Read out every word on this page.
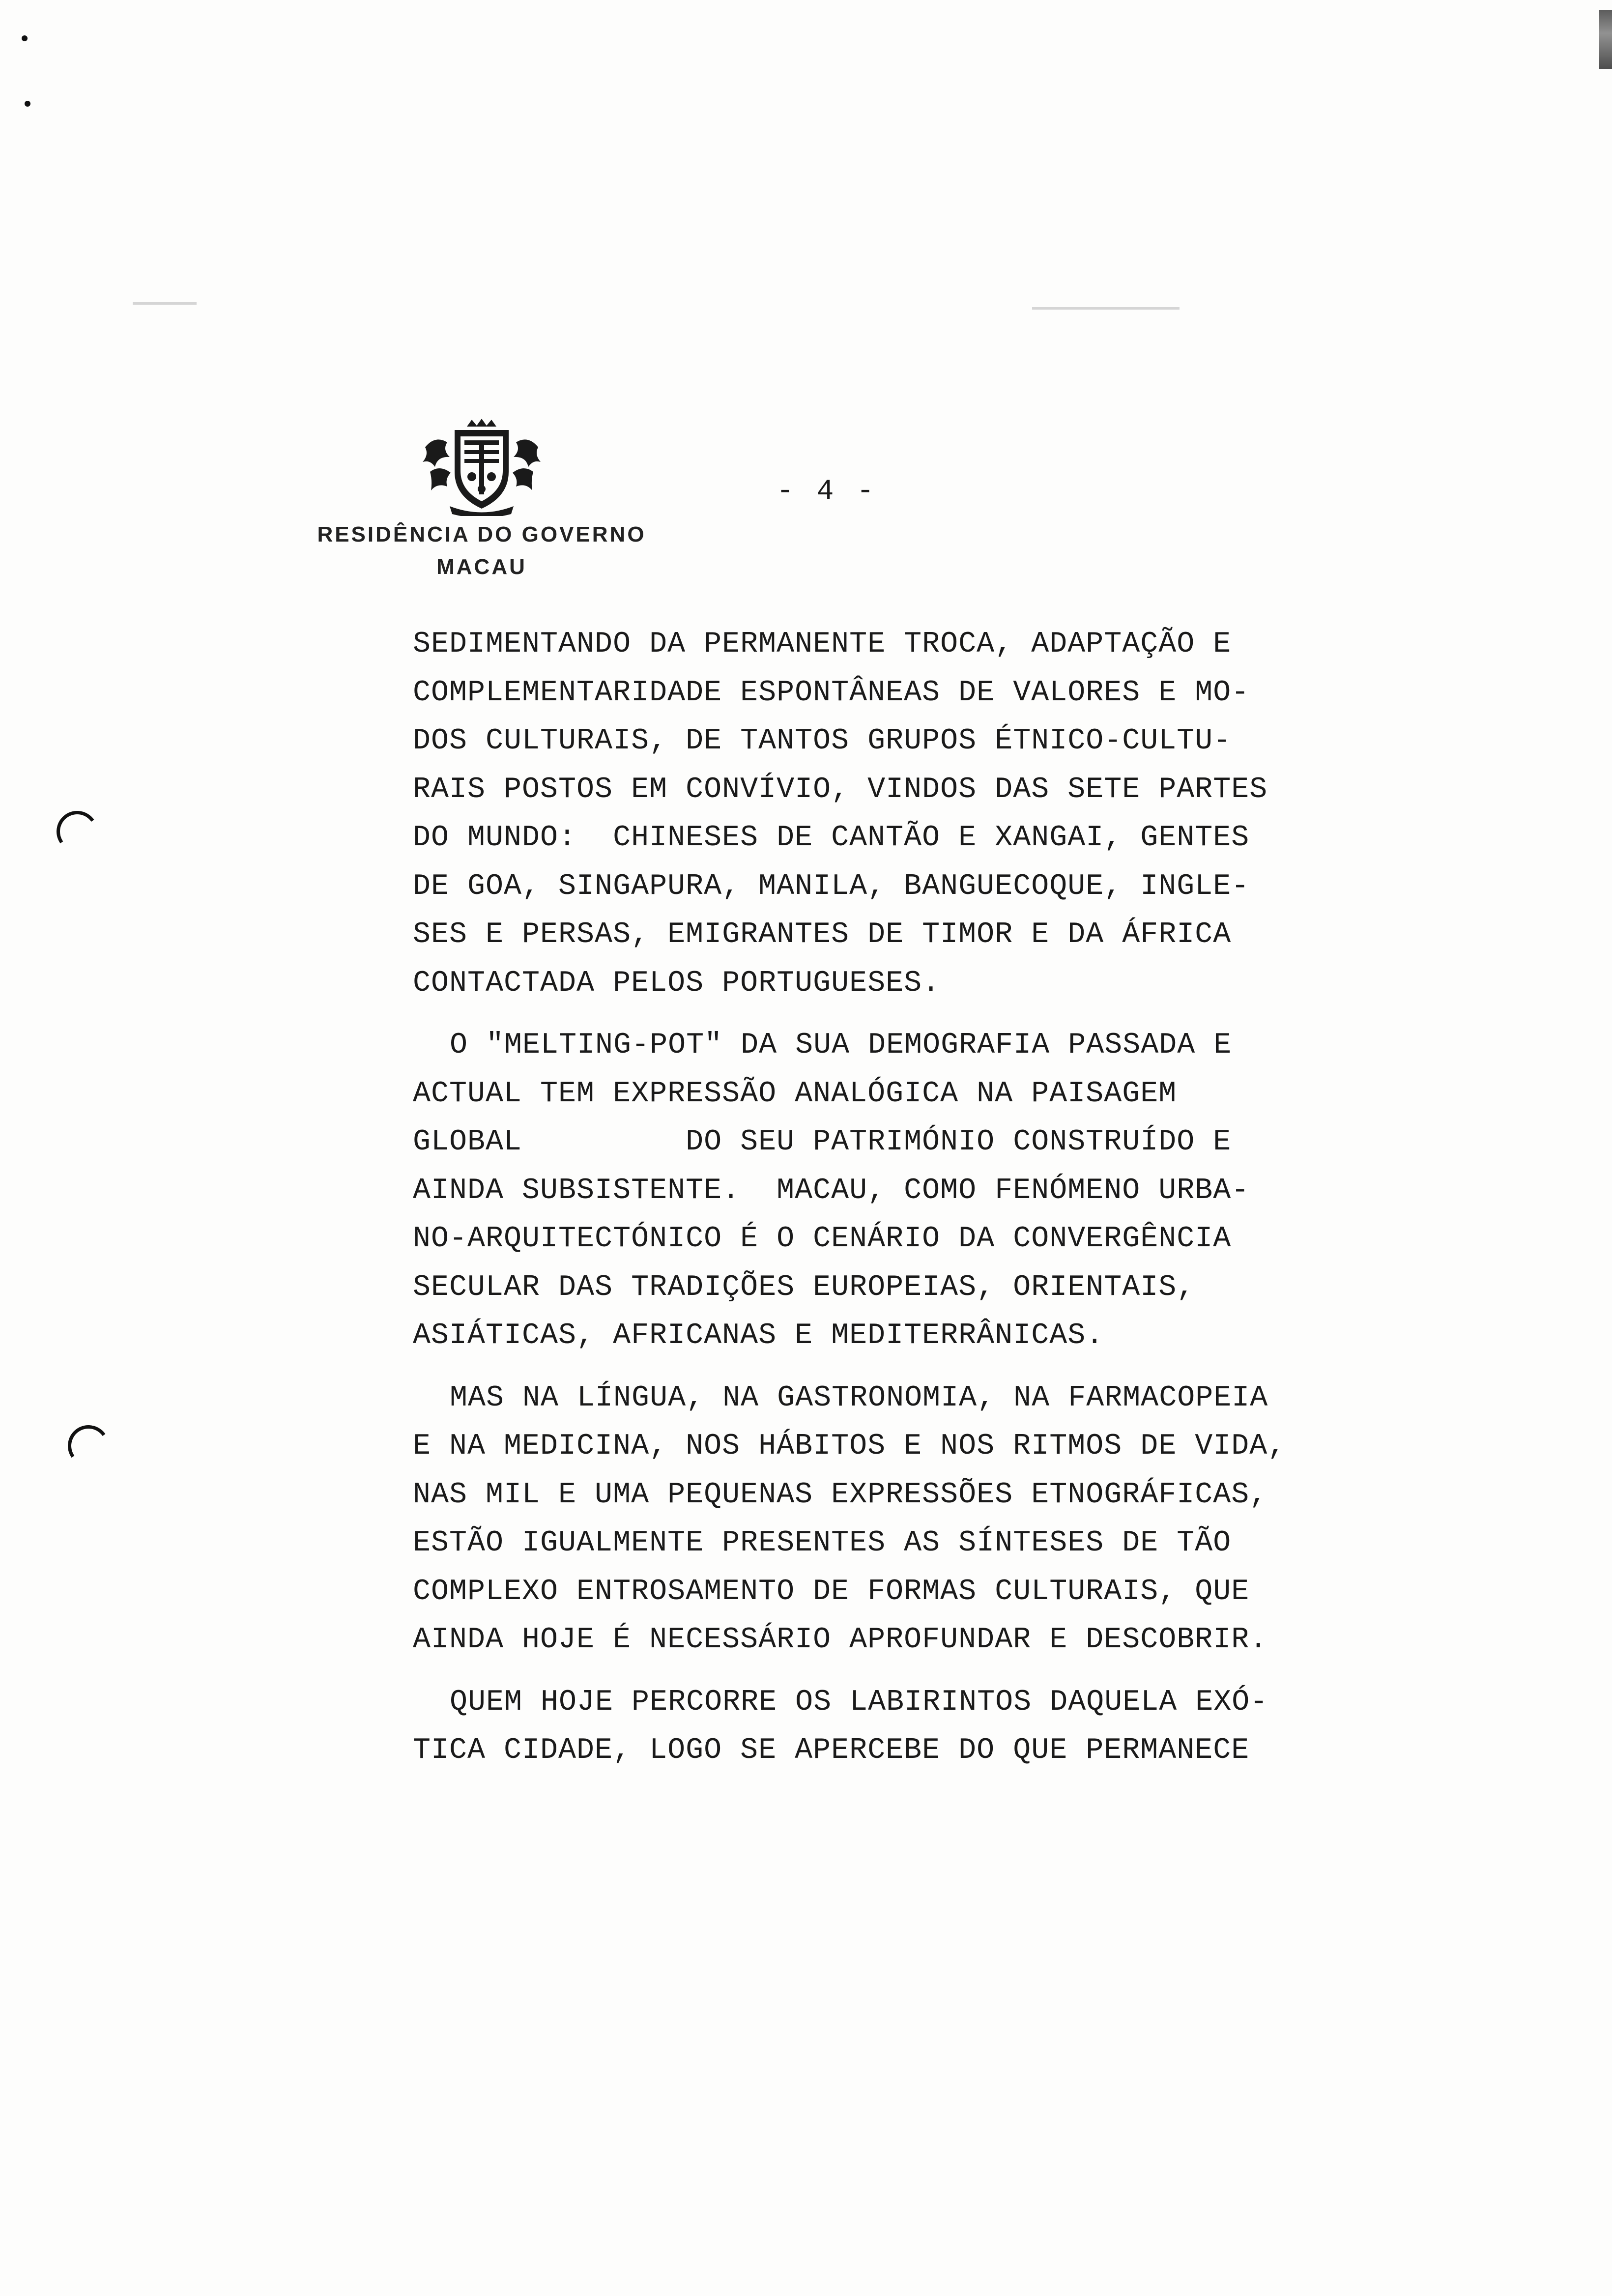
RESIDÊNCIA DO GOVERNO
MACAU
- 4 -
SEDIMENTANDO DA PERMANENTE TROCA, ADAPTAÇÃO E
COMPLEMENTARIDADE ESPONTÂNEAS DE VALORES E MO-
DOS CULTURAIS, DE TANTOS GRUPOS ÉTNICO-CULTU-
RAIS POSTOS EM CONVÍVIO, VINDOS DAS SETE PARTES
DO MUNDO:  CHINESES DE CANTÃO E XANGAI, GENTES
DE GOA, SINGAPURA, MANILA, BANGUECOQUE, INGLE-
SES E PERSAS, EMIGRANTES DE TIMOR E DA ÁFRICA
CONTACTADA PELOS PORTUGUESES.
O "MELTING-POT" DA SUA DEMOGRAFIA PASSADA E
ACTUAL TEM EXPRESSÃO ANALÓGICA NA PAISAGEM
GLOBAL         DO SEU PATRIMÓNIO CONSTRUÍDO E
AINDA SUBSISTENTE.  MACAU, COMO FENÓMENO URBA-
NO-ARQUITECTÓNICO É O CENÁRIO DA CONVERGÊNCIA
SECULAR DAS TRADIÇÕES EUROPEIAS, ORIENTAIS,
ASIÁTICAS, AFRICANAS E MEDITERRÂNICAS.
MAS NA LÍNGUA, NA GASTRONOMIA, NA FARMACOPEIA
E NA MEDICINA, NOS HÁBITOS E NOS RITMOS DE VIDA,
NAS MIL E UMA PEQUENAS EXPRESSÕES ETNOGRÁFICAS,
ESTÃO IGUALMENTE PRESENTES AS SÍNTESES DE TÃO
COMPLEXO ENTROSAMENTO DE FORMAS CULTURAIS, QUE
AINDA HOJE É NECESSÁRIO APROFUNDAR E DESCOBRIR.
QUEM HOJE PERCORRE OS LABIRINTOS DAQUELA EXÓ-
TICA CIDADE, LOGO SE APERCEBE DO QUE PERMANECE
